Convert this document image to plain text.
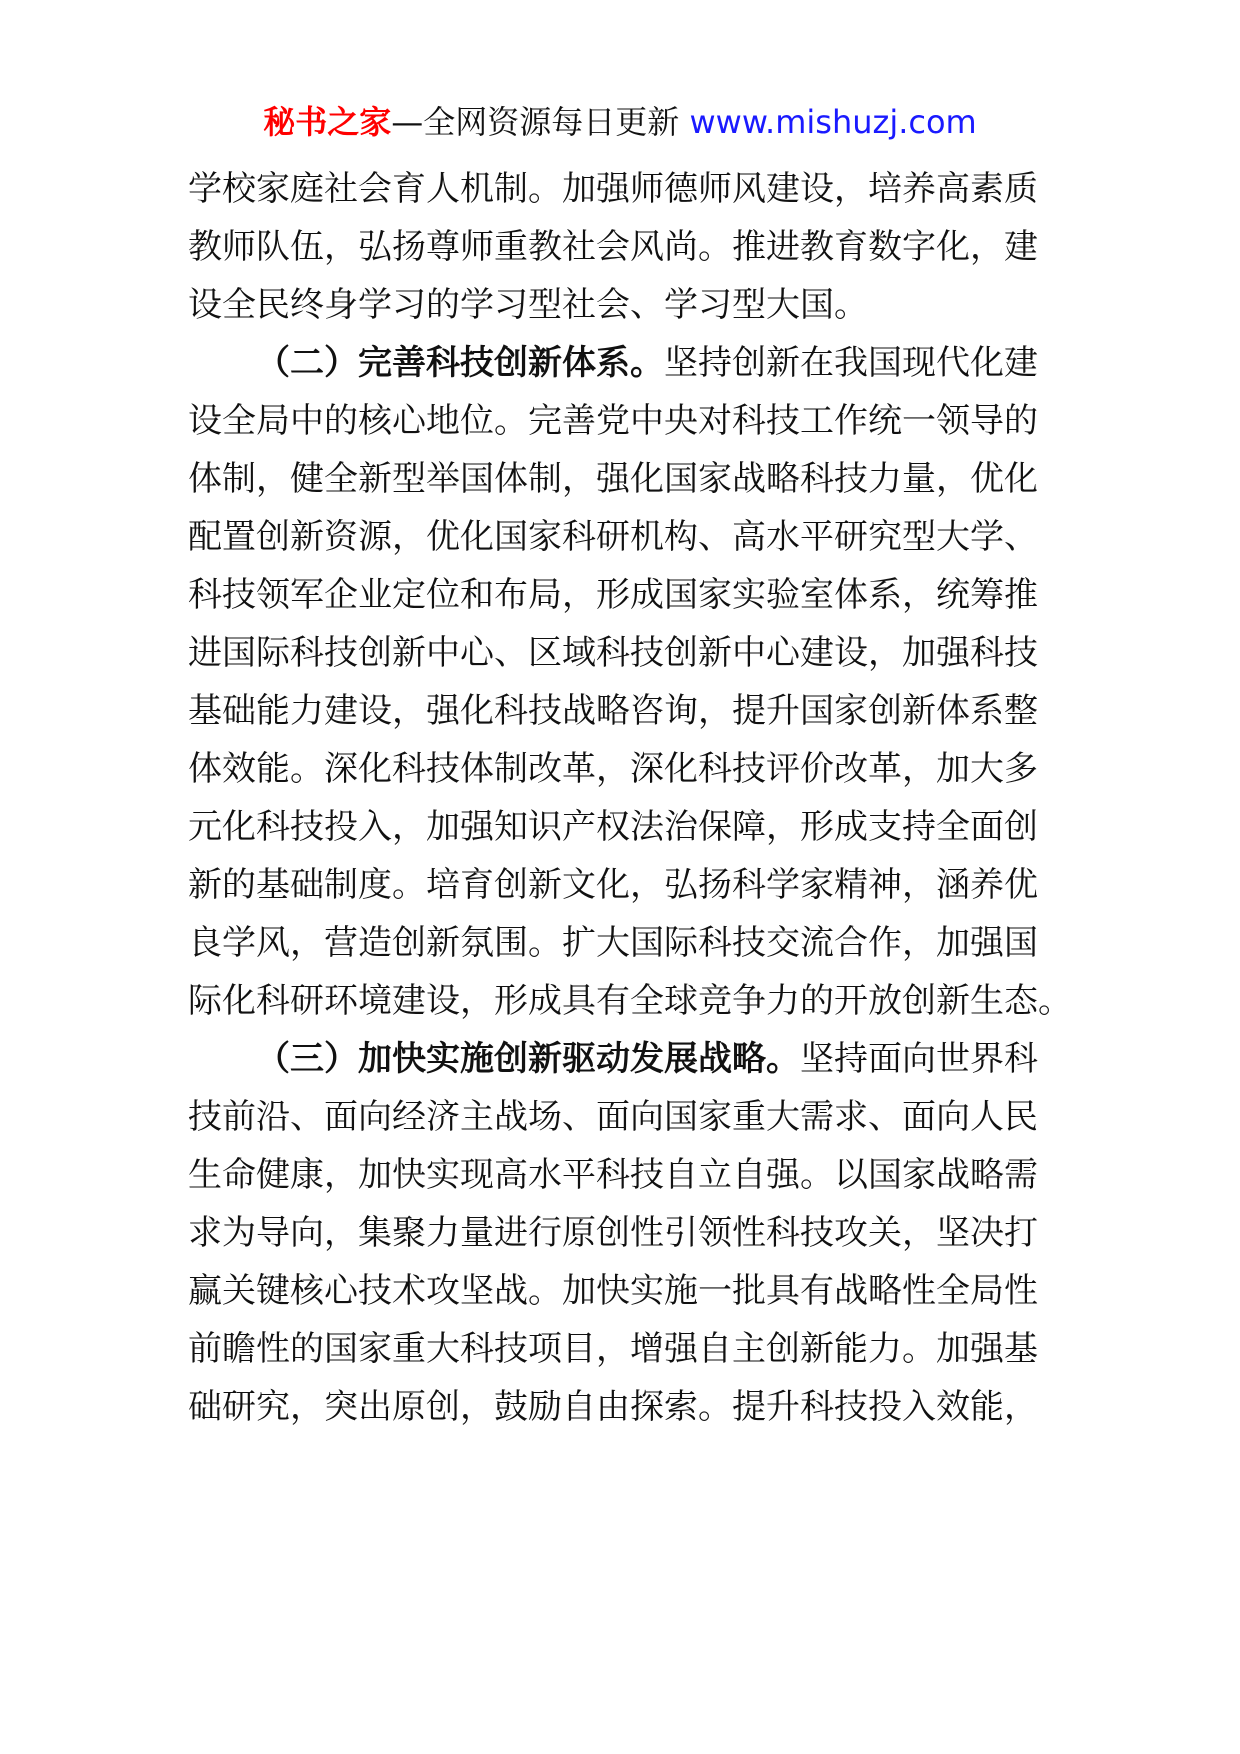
秘书之家—全网资源每日更新 www.mishuzj.com
学校家庭社会育人机制。加强师德师风建设，培养高素质
教师队伍，弘扬尊师重教社会风尚。推进教育数字化，建
设全民终身学习的学习型社会、学习型大国。
（二）完善科技创新体系。坚持创新在我国现代化建
设全局中的核心地位。完善党中央对科技工作统一领导的
体制，健全新型举国体制，强化国家战略科技力量，优化
配置创新资源，优化国家科研机构、高水平研究型大学、
科技领军企业定位和布局，形成国家实验室体系，统筹推
进国际科技创新中心、区域科技创新中心建设，加强科技
基础能力建设，强化科技战略咨询，提升国家创新体系整
体效能。深化科技体制改革，深化科技评价改革，加大多
元化科技投入，加强知识产权法治保障，形成支持全面创
新的基础制度。培育创新文化，弘扬科学家精神，涵养优
良学风，营造创新氛围。扩大国际科技交流合作，加强国
际化科研环境建设，形成具有全球竞争力的开放创新生态。
（三）加快实施创新驱动发展战略。坚持面向世界科
技前沿、面向经济主战场、面向国家重大需求、面向人民
生命健康，加快实现高水平科技自立自强。以国家战略需
求为导向，集聚力量进行原创性引领性科技攻关，坚决打
赢关键核心技术攻坚战。加快实施一批具有战略性全局性
前瞻性的国家重大科技项目，增强自主创新能力。加强基
础研究，突出原创，鼓励自由探索。提升科技投入效能，
